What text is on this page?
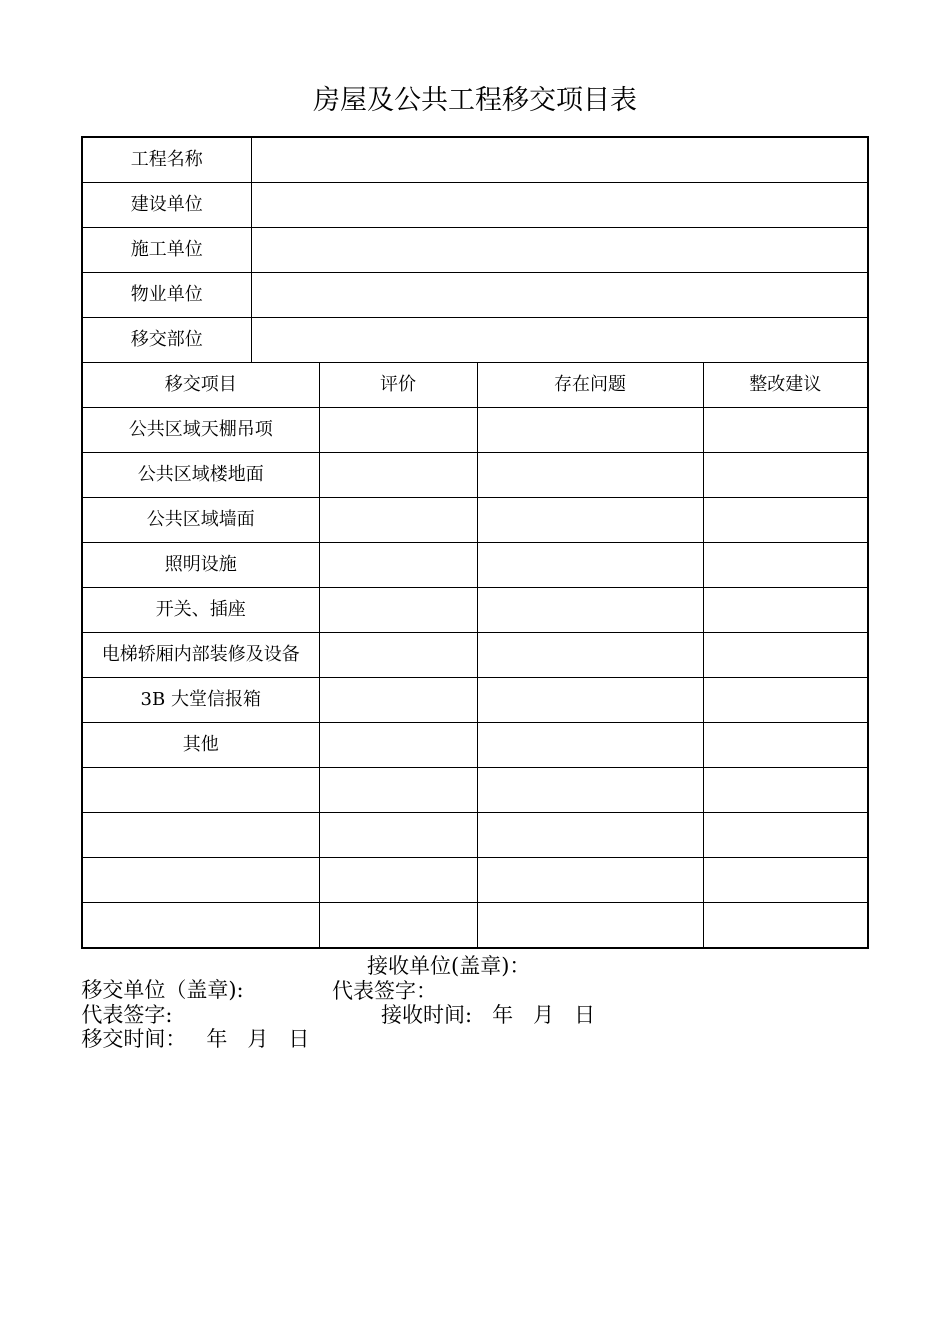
房屋及公共工程移交项目表
工程名称				
建设单位				
施工单位				
物业单位				
移交部位				
移交项目		评价	存在问题	整改建议
公共区域天棚吊项				
公共区域楼地面				
公共区域墙面				
照明设施				
开关、插座				
电梯轿厢内部装修及设备				
3B 大堂信报箱				
其他				

移交单位（盖章):

接收单位(盖章)：

代表签字:

代表签字：

移交时间：   年   月   日

接收时间:   年   月   日
